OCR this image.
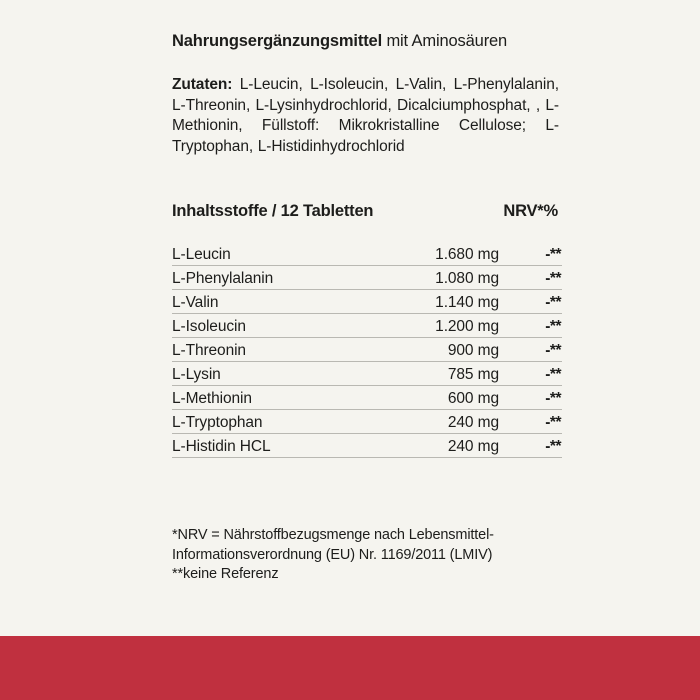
Nahrungsergänzungsmittel mit Aminosäuren

Zutaten: L-Leucin, L-Isoleucin, L-Valin, L-Phenylalanin, L-Threonin, L-Lysinhydrochlorid, Dicalciumphosphat, , L-Methionin, Füllstoff: Mikrokristalline Cellulose; L-Tryptophan, L-Histidinhydrochlorid

Inhaltsstoffe / 12 Tabletten	NRV*%
L-Leucin	1.680 mg	-**
L-Phenylalanin	1.080 mg	-**
L-Valin	1.140 mg	-**
L-Isoleucin	1.200 mg	-**
L-Threonin	900 mg	-**
L-Lysin	785 mg	-**
L-Methionin	600 mg	-**
L-Tryptophan	240 mg	-**
L-Histidin HCL	240 mg	-**
*NRV = Nährstoffbezugsmenge nach Lebensmittel-
Informationsverordnung (EU) Nr. 1169/2011 (LMIV)
**keine Referenz
